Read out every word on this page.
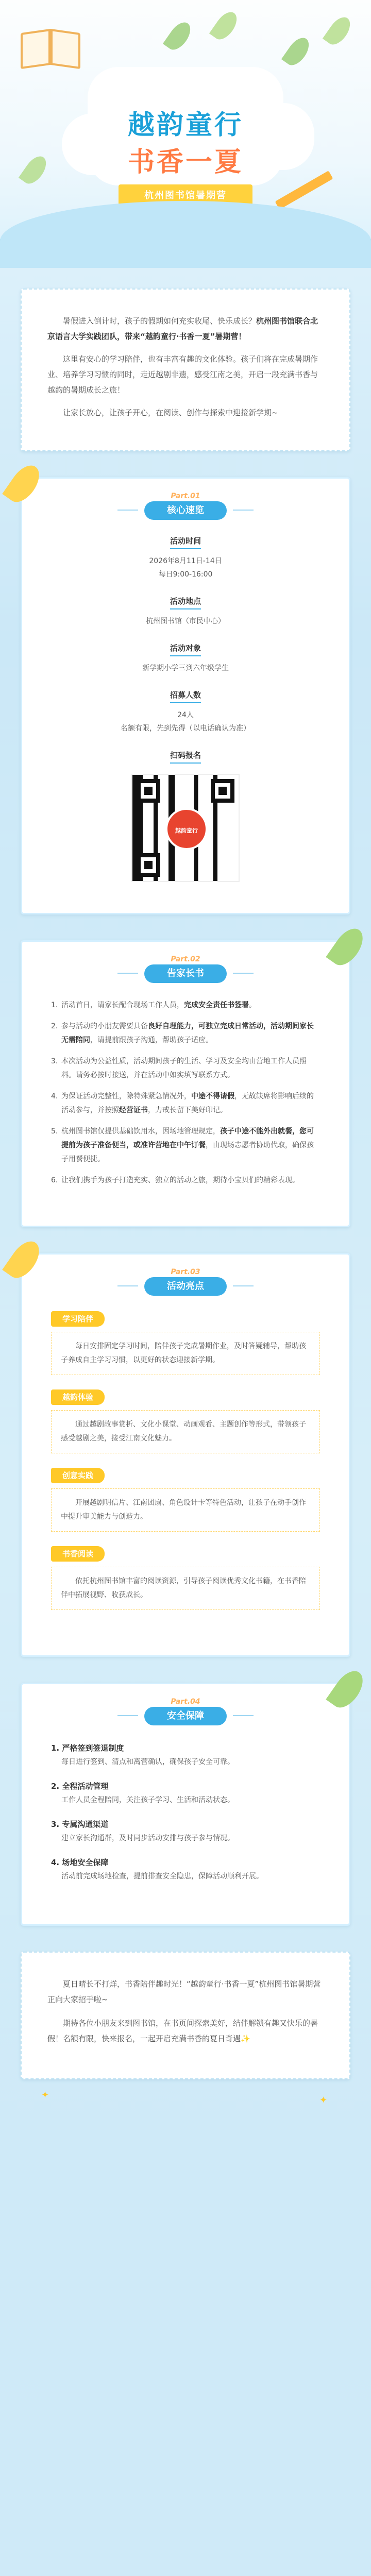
越韵童行
书香一夏
杭州图书馆暑期营

暑假进入倒计时，孩子的假期如何充实收尾、快乐成长？杭州图书馆联合北京语言大学实践团队，带来“越韵童行·书香一夏”暑期营！

这里有安心的学习陪伴，也有丰富有趣的文化体验。孩子们将在完成暑期作业、培养学习习惯的同时，走近越剧非遗，感受江南之美，开启一段充满书香与越韵的暑期成长之旅！

让家长放心，让孩子开心，在阅读、创作与探索中迎接新学期~

Part.01
核心速览
活动时间
2026年8月11日-14日
每日9:00-16:00
活动地点
杭州图书馆（市民中心）
活动对象
新学期小学三到六年级学生
招募人数
24人
名额有限，先到先得（以电话确认为准）
扫码报名
越韵童行
Part.02
告家长书
1. 活动首日，请家长配合现场工作人员，完成安全责任书签署。
2. 参与活动的小朋友需要具备良好自理能力，可独立完成日常活动，活动期间家长无需陪同，请提前跟孩子沟通，帮助孩子适应。
3. 本次活动为公益性质，活动期间孩子的生活、学习及安全均由营地工作人员照料。请务必按时接送，并在活动中如实填写联系方式。
4. 为保证活动完整性，除特殊紧急情况外，中途不得请假，无故缺席将影响后续的活动参与，并按照经营证书，力戒长留下美好印记。
5. 杭州图书馆仅提供基础饮用水，因场地管理规定，孩子中途不能外出就餐，您可提前为孩子准备便当，或准许营地在中午订餐，由现场志愿者协助代取，确保孩子用餐便捷。
6. 让我们携手为孩子打造充实、独立的活动之旅，期待小宝贝们的精彩表现。
Part.03
活动亮点
学习陪伴
每日安排固定学习时间，陪伴孩子完成暑期作业，及时答疑辅导，帮助孩子养成自主学习习惯，以更好的状态迎接新学期。
越韵体验
通过越剧故事赏析、文化小课堂、动画观看、主题创作等形式，带领孩子感受越剧之美，接受江南文化魅力。
创意实践
开展越剧明信片、江南团扇、角色设计卡等特色活动，让孩子在动手创作中提升审美能力与创造力。
书香阅读
依托杭州图书馆丰富的阅读资源，引导孩子阅读优秀文化书籍，在书香陪伴中拓展视野、收获成长。
Part.04
安全保障
1. 严格签到签退制度
每日进行签到、清点和离营确认，确保孩子安全可靠。
2. 全程活动管理
工作人员全程陪同，关注孩子学习、生活和活动状态。
3. 专属沟通渠道
建立家长沟通群，及时同步活动安排与孩子参与情况。
4. 场地安全保障
活动前完成场地检查，提前排查安全隐患，保障活动顺利开展。

夏日晴长不打烊，书香陪伴趣时光！“越韵童行·书香一夏”杭州图书馆暑期营正向大家招手啦~

期待各位小朋友来到图书馆，在书页间探索美好，结伴解锁有趣又快乐的暑假！名额有限，快来报名，一起开启充满书香的夏日奇遇✨

✦	✦
